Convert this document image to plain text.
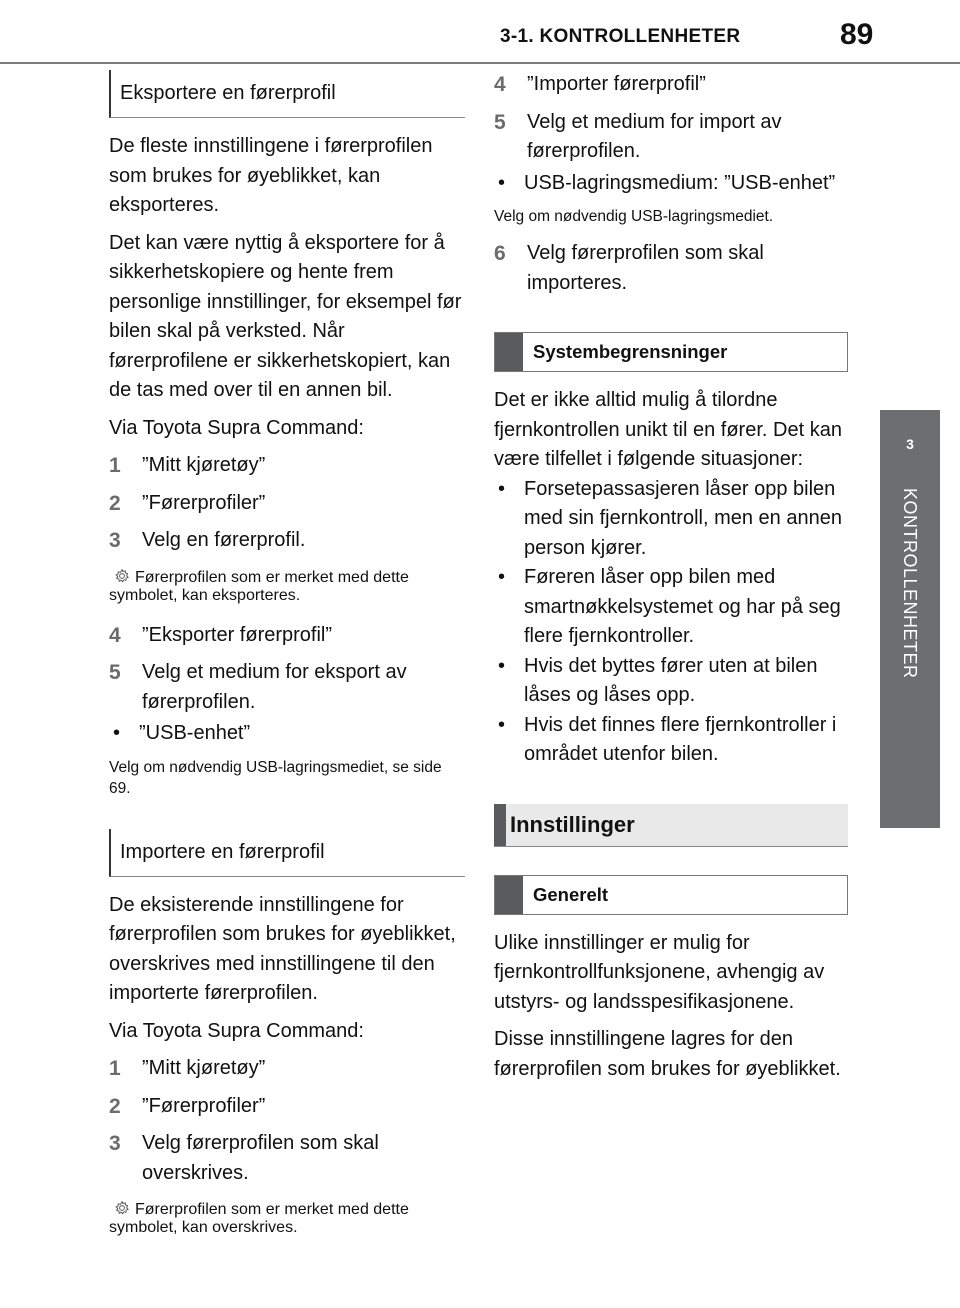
3-1. KONTROLLENHETER	89
3
KONTROLLENHETER
Eksportere en førerprofil

De fleste innstillingene i førerprofilen som brukes for øyeblikket, kan eksporteres.

Det kan være nyttig å eksportere for å sikkerhetskopiere og hente frem personlige innstillinger, for eksempel før bilen skal på verksted. Når førerprofilene er sikkerhetskopiert, kan de tas med over til en annen bil.

Via Toyota Supra Command:

1	”Mitt kjøretøy”
2	”Førerprofiler”
3	Velg en førerprofil.
Førerprofilen som er merket med dette symbolet, kan eksporteres.
4	”Eksporter førerprofil”
5	Velg et medium for eksport av førerprofilen.
• ”USB-enhet”

Velg om nødvendig USB-lagringsmediet, se side 69.

Importere en førerprofil

De eksisterende innstillingene for førerprofilen som brukes for øyeblikket, overskrives med innstillingene til den importerte førerprofilen.

Via Toyota Supra Command:

1	”Mitt kjøretøy”
2	”Førerprofiler”
3	Velg førerprofilen som skal overskrives.
Førerprofilen som er merket med dette symbolet, kan overskrives.
4	”Importer førerprofil”
5	Velg et medium for import av førerprofilen.
• USB-lagringsmedium: ”USB-enhet”

Velg om nødvendig USB-lagringsmediet.

6	Velg førerprofilen som skal importeres.
Systembegrensninger

Det er ikke alltid mulig å tilordne fjernkontrollen unikt til en fører. Det kan være tilfellet i følgende situasjoner:

• Forsetepassasjeren låser opp bilen med sin fjernkontroll, men en annen person kjører.
• Føreren låser opp bilen med smartnøkkelsystemet og har på seg flere fjernkontroller.
• Hvis det byttes fører uten at bilen låses og låses opp.
• Hvis det finnes flere fjernkontroller i området utenfor bilen.
Innstillinger
Generelt

Ulike innstillinger er mulig for fjernkontrollfunksjonene, avhengig av utstyrs- og landsspesifikasjonene.

Disse innstillingene lagres for den førerprofilen som brukes for øyeblikket.
